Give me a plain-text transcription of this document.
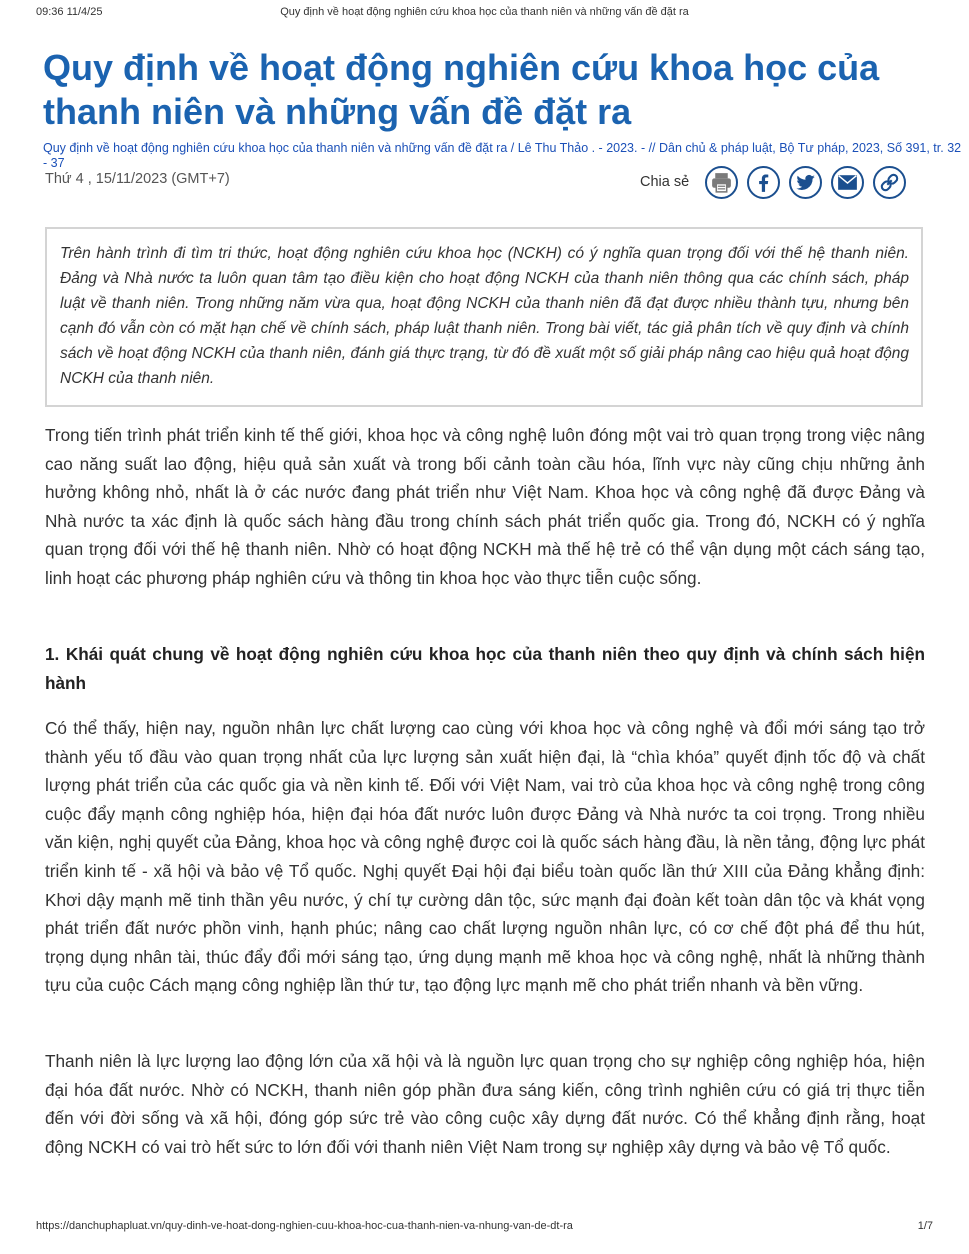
09:36 11/4/25	Quy định về hoạt động nghiên cứu khoa học của thanh niên và những vấn đề đặt ra
Quy định về hoạt động nghiên cứu khoa học của thanh niên và những vấn đề đặt ra
Quy định về hoạt động nghiên cứu khoa học của thanh niên và những vấn đề đặt ra / Lê Thu Thảo . - 2023. - // Dân chủ & pháp luật, Bộ Tư pháp, 2023, Số 391, tr. 32 - 37
Thứ 4 , 15/11/2023 (GMT+7)	Chia sẻ
Trên hành trình đi tìm tri thức, hoạt động nghiên cứu khoa học (NCKH) có ý nghĩa quan trọng đối với thế hệ thanh niên. Đảng và Nhà nước ta luôn quan tâm tạo điều kiện cho hoạt động NCKH của thanh niên thông qua các chính sách, pháp luật về thanh niên. Trong những năm vừa qua, hoạt động NCKH của thanh niên đã đạt được nhiều thành tựu, nhưng bên cạnh đó vẫn còn có mặt hạn chế về chính sách, pháp luật thanh niên. Trong bài viết, tác giả phân tích về quy định và chính sách về hoạt động NCKH của thanh niên, đánh giá thực trạng, từ đó đề xuất một số giải pháp nâng cao hiệu quả hoạt động NCKH của thanh niên.

Trong tiến trình phát triển kinh tế thế giới, khoa học và công nghệ luôn đóng một vai trò quan trọng trong việc nâng cao năng suất lao động, hiệu quả sản xuất và trong bối cảnh toàn cầu hóa, lĩnh vực này cũng chịu những ảnh hưởng không nhỏ, nhất là ở các nước đang phát triển như Việt Nam. Khoa học và công nghệ đã được Đảng và Nhà nước ta xác định là quốc sách hàng đầu trong chính sách phát triển quốc gia. Trong đó, NCKH có ý nghĩa quan trọng đối với thế hệ thanh niên. Nhờ có hoạt động NCKH mà thế hệ trẻ có thể vận dụng một cách sáng tạo, linh hoạt các phương pháp nghiên cứu và thông tin khoa học vào thực tiễn cuộc sống.

1. Khái quát chung về hoạt động nghiên cứu khoa học của thanh niên theo quy định và chính sách hiện hành

Có thể thấy, hiện nay, nguồn nhân lực chất lượng cao cùng với khoa học và công nghệ và đổi mới sáng tạo trở thành yếu tố đầu vào quan trọng nhất của lực lượng sản xuất hiện đại, là “chìa khóa” quyết định tốc độ và chất lượng phát triển của các quốc gia và nền kinh tế. Đối với Việt Nam, vai trò của khoa học và công nghệ trong công cuộc đẩy mạnh công nghiệp hóa, hiện đại hóa đất nước luôn được Đảng và Nhà nước ta coi trọng. Trong nhiều văn kiện, nghị quyết của Đảng, khoa học và công nghệ được coi là quốc sách hàng đầu, là nền tảng, động lực phát triển kinh tế - xã hội và bảo vệ Tổ quốc. Nghị quyết Đại hội đại biểu toàn quốc lần thứ XIII của Đảng khẳng định: Khơi dậy mạnh mẽ tinh thần yêu nước, ý chí tự cường dân tộc, sức mạnh đại đoàn kết toàn dân tộc và khát vọng phát triển đất nước phồn vinh, hạnh phúc; nâng cao chất lượng nguồn nhân lực, có cơ chế đột phá để thu hút, trọng dụng nhân tài, thúc đẩy đổi mới sáng tạo, ứng dụng mạnh mẽ khoa học và công nghệ, nhất là những thành tựu của cuộc Cách mạng công nghiệp lần thứ tư, tạo động lực mạnh mẽ cho phát triển nhanh và bền vững.

Thanh niên là lực lượng lao động lớn của xã hội và là nguồn lực quan trọng cho sự nghiệp công nghiệp hóa, hiện đại hóa đất nước. Nhờ có NCKH, thanh niên góp phần đưa sáng kiến, công trình nghiên cứu có giá trị thực tiễn đến với đời sống và xã hội, đóng góp sức trẻ vào công cuộc xây dựng đất nước. Có thể khẳng định rằng, hoạt động NCKH có vai trò hết sức to lớn đối với thanh niên Việt Nam trong sự nghiệp xây dựng và bảo vệ Tổ quốc.

https://danchuphapluat.vn/quy-dinh-ve-hoat-dong-nghien-cuu-khoa-hoc-cua-thanh-nien-va-nhung-van-de-dt-ra	1/7
